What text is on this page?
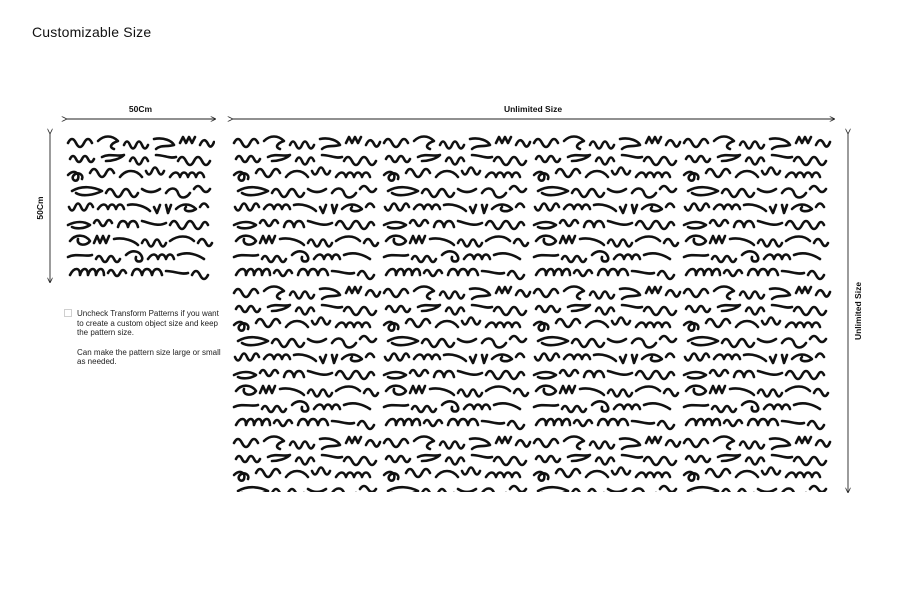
Customizable Size
50Cm
50Cm
Unlimited Size
Unlimited Size

Uncheck Transform Patterns if you want to create a custom object size and keep the pattern size.

Can make the pattern size large or small as needed.
